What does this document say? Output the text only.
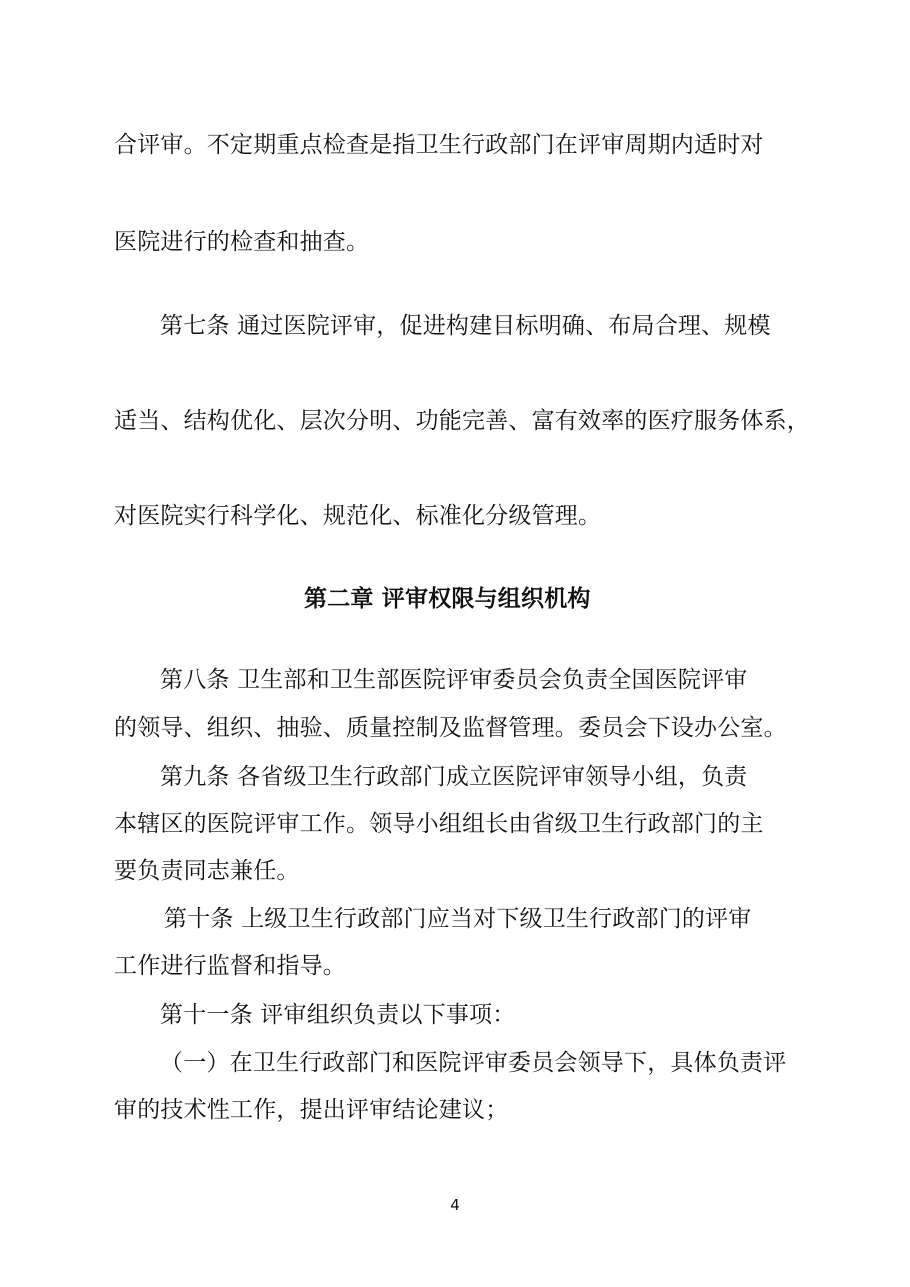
合评审。不定期重点检查是指卫生行政部门在评审周期内适时对
医院进行的检查和抽查。
第七条 通过医院评审，促进构建目标明确、布局合理、规模
适当、结构优化、层次分明、功能完善、富有效率的医疗服务体系，
对医院实行科学化、规范化、标准化分级管理。
第二章 评审权限与组织机构
第八条 卫生部和卫生部医院评审委员会负责全国医院评审
的领导、组织、抽验、质量控制及监督管理。委员会下设办公室。
第九条 各省级卫生行政部门成立医院评审领导小组，负责
本辖区的医院评审工作。领导小组组长由省级卫生行政部门的主
要负责同志兼任。
第十条 上级卫生行政部门应当对下级卫生行政部门的评审
工作进行监督和指导。
第十一条 评审组织负责以下事项：
（一）在卫生行政部门和医院评审委员会领导下，具体负责评
审的技术性工作，提出评审结论建议；
4
